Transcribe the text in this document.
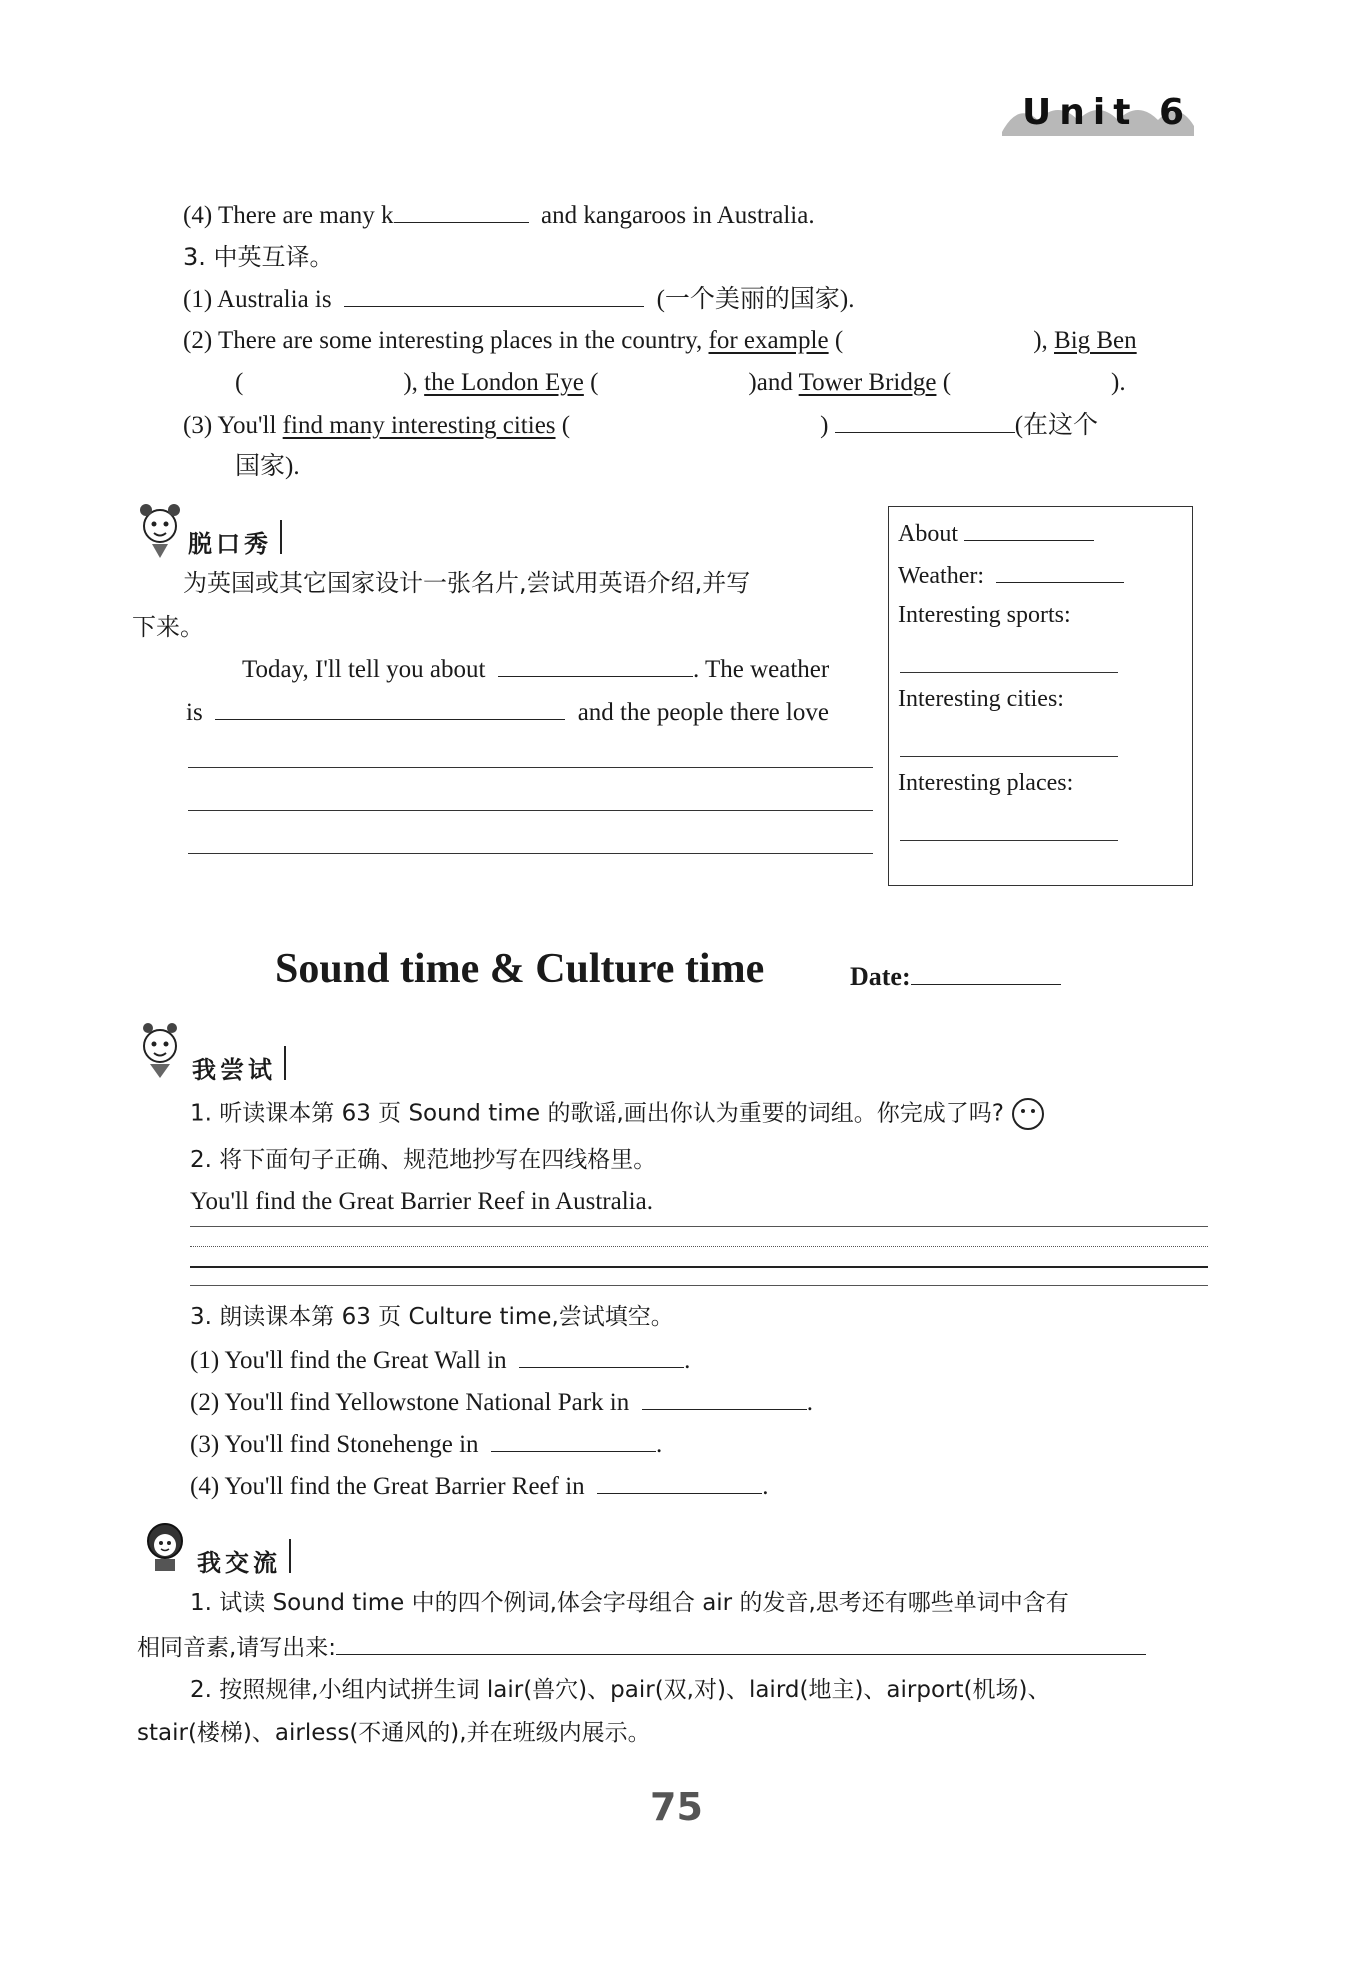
Unit 6
(4) There are many k	and kangaroos in Australia.
3. 中英互译。
(1) Australia is	(一个美丽的国家).
(2) There are some interesting places in the country, for example (	), Big Ben
(	), the London Eye (	)and Tower Bridge (	).
(3) You'll find many interesting cities (	)	(在这个
国家).
脱口秀
为英国或其它国家设计一张名片,尝试用英语介绍,并写
下来。
Today, I'll tell you about	. The weather
is	and the people there love
About
Weather:
Interesting sports:
Interesting cities:
Interesting places:
Sound time & Culture time	Date:
我尝试
1. 听读课本第 63 页 Sound time 的歌谣,画出你认为重要的词组。你完成了吗?
2. 将下面句子正确、规范地抄写在四线格里。
You'll find the Great Barrier Reef in Australia.
3. 朗读课本第 63 页 Culture time,尝试填空。
(1) You'll find the Great Wall in	.
(2) You'll find Yellowstone National Park in	.
(3) You'll find Stonehenge in	.
(4) You'll find the Great Barrier Reef in	.
我交流
1. 试读 Sound time 中的四个例词,体会字母组合 air 的发音,思考还有哪些单词中含有
相同音素,请写出来:
2. 按照规律,小组内试拼生词 lair(兽穴)、pair(双,对)、laird(地主)、airport(机场)、
stair(楼梯)、airless(不通风的),并在班级内展示。
75
